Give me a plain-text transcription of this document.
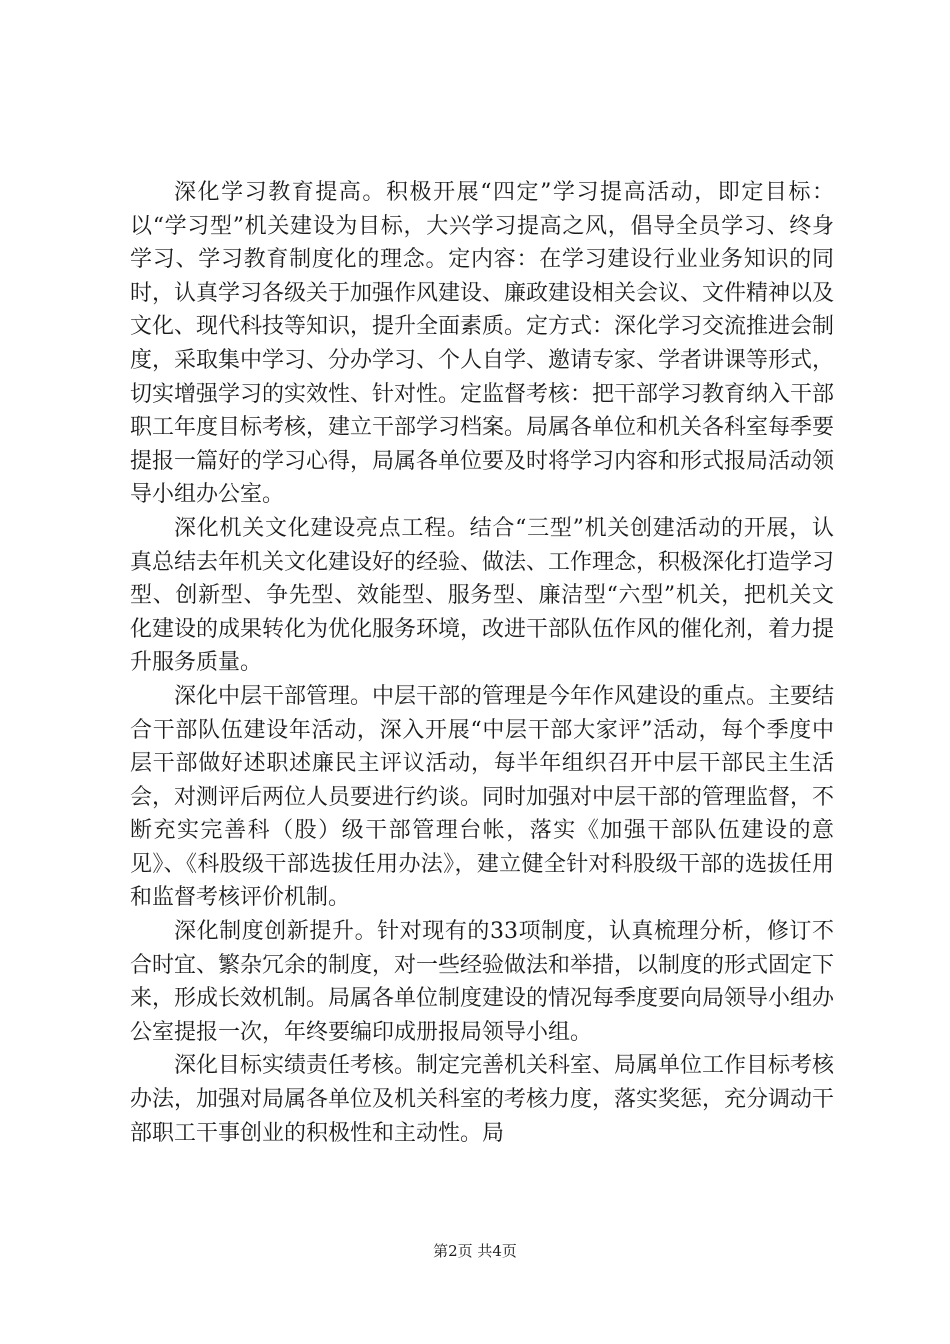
深化学习教育提高。积极开展“四定”学习提高活动，即定目标：以“学习型”机关建设为目标，大兴学习提高之风，倡导全员学习、终身学习、学习教育制度化的理念。定内容：在学习建设行业业务知识的同时，认真学习各级关于加强作风建设、廉政建设相关会议、文件精神以及文化、现代科技等知识，提升全面素质。定方式：深化学习交流推进会制度，采取集中学习、分办学习、个人自学、邀请专家、学者讲课等形式，切实增强学习的实效性、针对性。定监督考核：把干部学习教育纳入干部职工年度目标考核，建立干部学习档案。局属各单位和机关各科室每季要提报一篇好的学习心得，局属各单位要及时将学习内容和形式报局活动领导小组办公室。

深化机关文化建设亮点工程。结合“三型”机关创建活动的开展，认真总结去年机关文化建设好的经验、做法、工作理念，积极深化打造学习型、创新型、争先型、效能型、服务型、廉洁型“六型”机关，把机关文化建设的成果转化为优化服务环境，改进干部队伍作风的催化剂，着力提升服务质量。

深化中层干部管理。中层干部的管理是今年作风建设的重点。主要结合干部队伍建设年活动，深入开展“中层干部大家评”活动，每个季度中层干部做好述职述廉民主评议活动，每半年组织召开中层干部民主生活会，对测评后两位人员要进行约谈。同时加强对中层干部的管理监督，不断充实完善科（股）级干部管理台帐，落实《加强干部队伍建设的意见》、《科股级干部选拔任用办法》，建立健全针对科股级干部的选拔任用和监督考核评价机制。

深化制度创新提升。针对现有的33项制度，认真梳理分析，修订不合时宜、繁杂冗余的制度，对一些经验做法和举措，以制度的形式固定下来，形成长效机制。局属各单位制度建设的情况每季度要向局领导小组办公室提报一次，年终要编印成册报局领导小组。

深化目标实绩责任考核。制定完善机关科室、局属单位工作目标考核办法，加强对局属各单位及机关科室的考核力度，落实奖惩，充分调动干部职工干事创业的积极性和主动性。局

第2页 共4页
